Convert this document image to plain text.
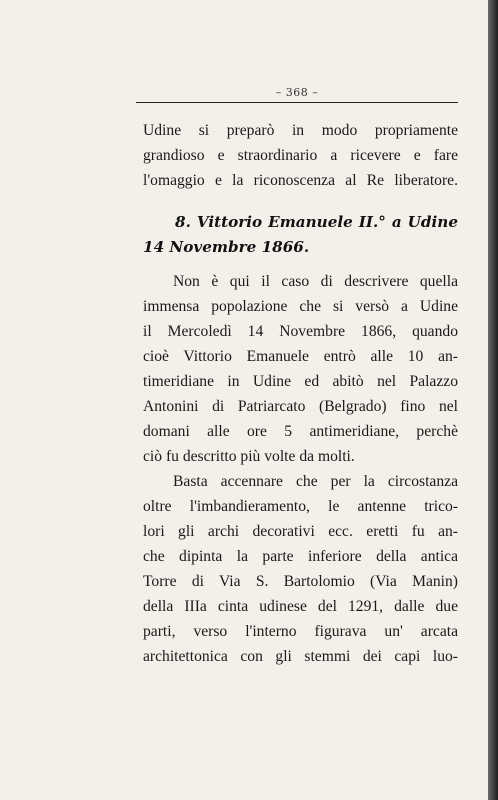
– 368 –
Udine si preparò in modo propriamente
grandioso e straordinario a ricevere e fare
l'omaggio e la riconoscenza al Re liberatore.
8. Vittorio Emanuele II.° a Udine
14 Novembre 1866.
Non è qui il caso di descrivere quella
immensa popolazione che si versò a Udine
il Mercoledì 14 Novembre 1866, quando
cioè Vittorio Emanuele entrò alle 10 an-
timeridiane in Udine ed abitò nel Palazzo
Antonini di Patriarcato (Belgrado) fino nel
domani alle ore 5 antimeridiane, perchè
ciò fu descritto più volte da molti.
Basta accennare che per la circostanza
oltre l'imbandieramento, le antenne trico-
lori gli archi decorativi ecc. eretti fu an-
che dipinta la parte inferiore della antica
Torre di Via S. Bartolomio (Via Manin)
della IIIa cinta udinese del 1291, dalle due
parti, verso l'interno figurava un' arcata
architettonica con gli stemmi dei capi luo-
